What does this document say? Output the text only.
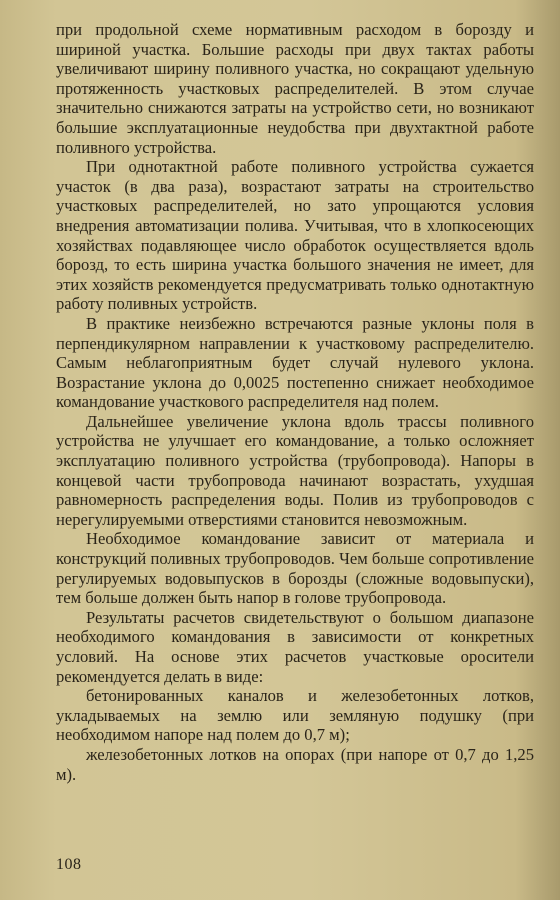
при продольной схеме нормативным расходом в борозду и шириной участка. Большие расходы при двух тактах работы увеличивают ширину поливного участка, но сокращают удельную протяженность участковых распределителей. В этом случае значительно снижаются затраты на устройство сети, но возникают большие эксплуатационные неудобства при двухтактной работе поливного устройства.

При однотактной работе поливного устройства сужается участок (в два раза), возрастают затраты на строительство участковых распределителей, но зато упрощаются условия внедрения автоматизации полива. Учитывая, что в хлопкосеющих хозяйствах подавляющее число обработок осуществляется вдоль борозд, то есть ширина участка большого значения не имеет, для этих хозяйств рекомендуется предусматривать только однотактную работу поливных устройств.

В практике неизбежно встречаются разные уклоны поля в перпендикулярном направлении к участковому распределителю. Самым неблагоприятным будет случай нулевого уклона. Возрастание уклона до 0,0025 постепенно снижает необходимое командование участкового распределителя над полем.

Дальнейшее увеличение уклона вдоль трассы поливного устройства не улучшает его командование, а только осложняет эксплуатацию поливного устройства (трубопровода). Напоры в концевой части трубопровода начинают возрастать, ухудшая равномерность распределения воды. Полив из трубопроводов с нерегулируемыми отверстиями становится невозможным.

Необходимое командование зависит от материала и конструкций поливных трубопроводов. Чем больше сопротивление регулируемых водовыпусков в борозды (сложные водовыпуски), тем больше должен быть напор в голове трубопровода.

Результаты расчетов свидетельствуют о большом диапазоне необходимого командования в зависимости от конкретных условий. На основе этих расчетов участковые оросители рекомендуется делать в виде:

бетонированных каналов и железобетонных лотков, укладываемых на землю или земляную подушку (при необходимом напоре над полем до 0,7 м);

железобетонных лотков на опорах (при напоре от 0,7 до 1,25 м).

108
